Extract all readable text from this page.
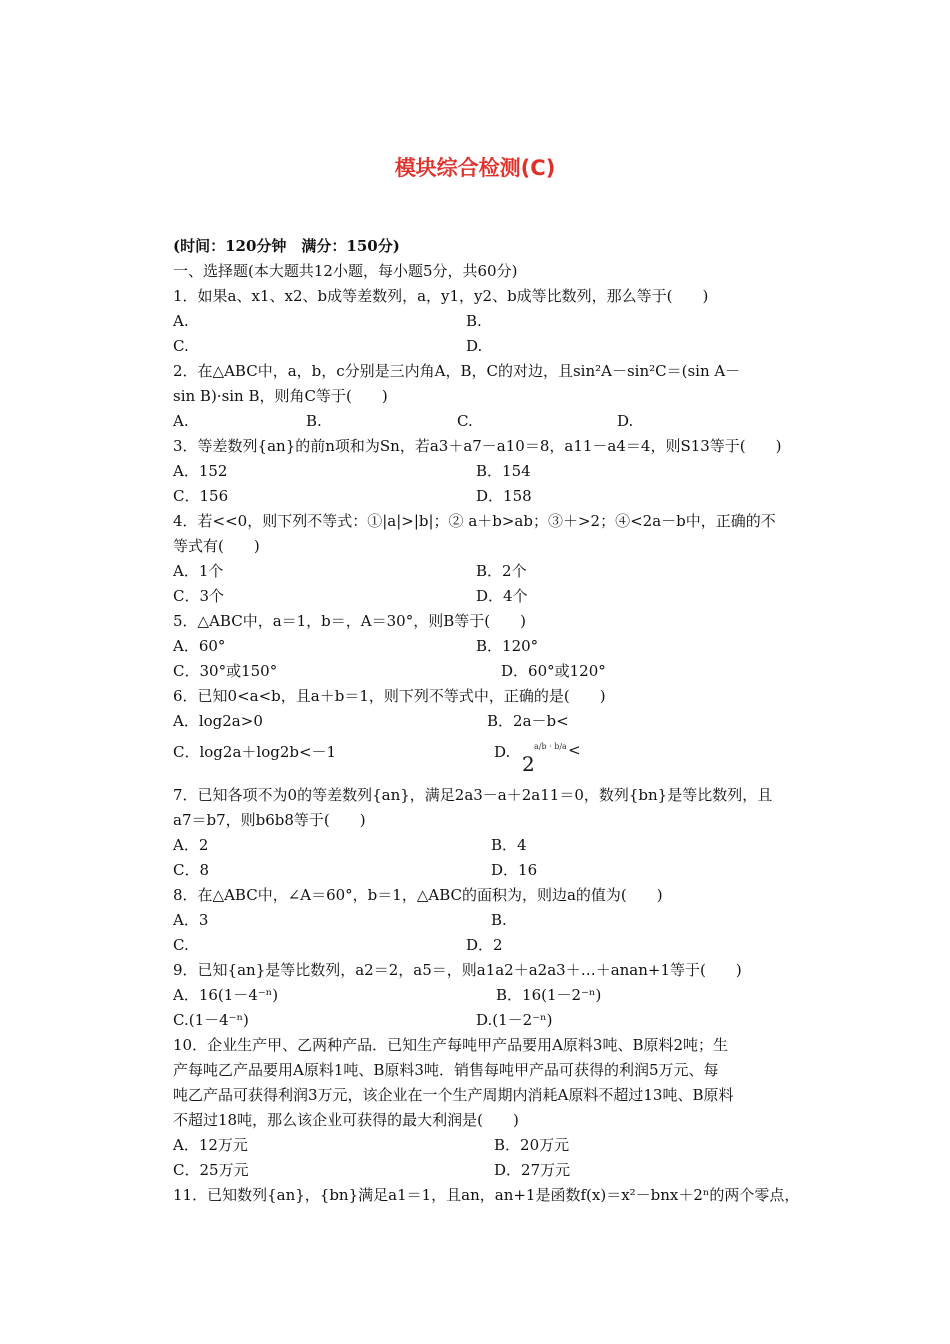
模块综合检测(C)
(时间：120分钟　满分：150分)
一、选择题(本大题共12小题，每小题5分，共60分)
1．如果a、x1、x2、b成等差数列，a，y1，y2、b成等比数列，那么等于(　　)
A.	B.
C.	D.
2．在△ABC中，a，b，c分别是三内角A，B，C的对边，且sin²A－sin²C＝(sin A－
sin B)·sin B，则角C等于(　　)
A.	B.	C.	D.
3．等差数列{an}的前n项和为Sn，若a3＋a7－a10＝8，a11－a4＝4，则S13等于(　　)
A．152	B．154
C．156	D．158
4．若<<0，则下列不等式：①|a|>|b|；② a＋b>ab；③＋>2；④<2a－b中，正确的不
等式有(　　)
A．1个	B．2个
C．3个	D．4个
5．△ABC中，a＝1，b＝，A＝30°，则B等于(　　)
A．60°	B．120°
C．30°或150°	D．60°或120°
6．已知0<a<b，且a＋b＝1，则下列不等式中，正确的是(　　)
A．log2a>0	B．2a－b<
C．log2a＋log2b<－1	D. 2
a/b · b/a <
7．已知各项不为0的等差数列{an}，满足2a3－a＋2a11＝0，数列{bn}是等比数列，且
a7＝b7，则b6b8等于(　　)
A．2	B．4
C．8	D．16
8．在△ABC中，∠A＝60°，b＝1，△ABC的面积为，则边a的值为(　　)
A．3	B.
C.	D．2
9．已知{an}是等比数列，a2＝2，a5＝，则a1a2＋a2a3＋…＋anan+1等于(　　)
A．16(1－4⁻ⁿ)	B．16(1－2⁻ⁿ)
C.(1－4⁻ⁿ)	D.(1－2⁻ⁿ)
10．企业生产甲、乙两种产品．已知生产每吨甲产品要用A原料3吨、B原料2吨；生
产每吨乙产品要用A原料1吨、B原料3吨．销售每吨甲产品可获得的利润5万元、每
吨乙产品可获得利润3万元，该企业在一个生产周期内消耗A原料不超过13吨、B原料
不超过18吨，那么该企业可获得的最大利润是(　　)
A．12万元	B．20万元
C．25万元	D．27万元
11．已知数列{an}，{bn}满足a1＝1，且an，an+1是函数f(x)＝x²－bnx＋2ⁿ的两个零点，
